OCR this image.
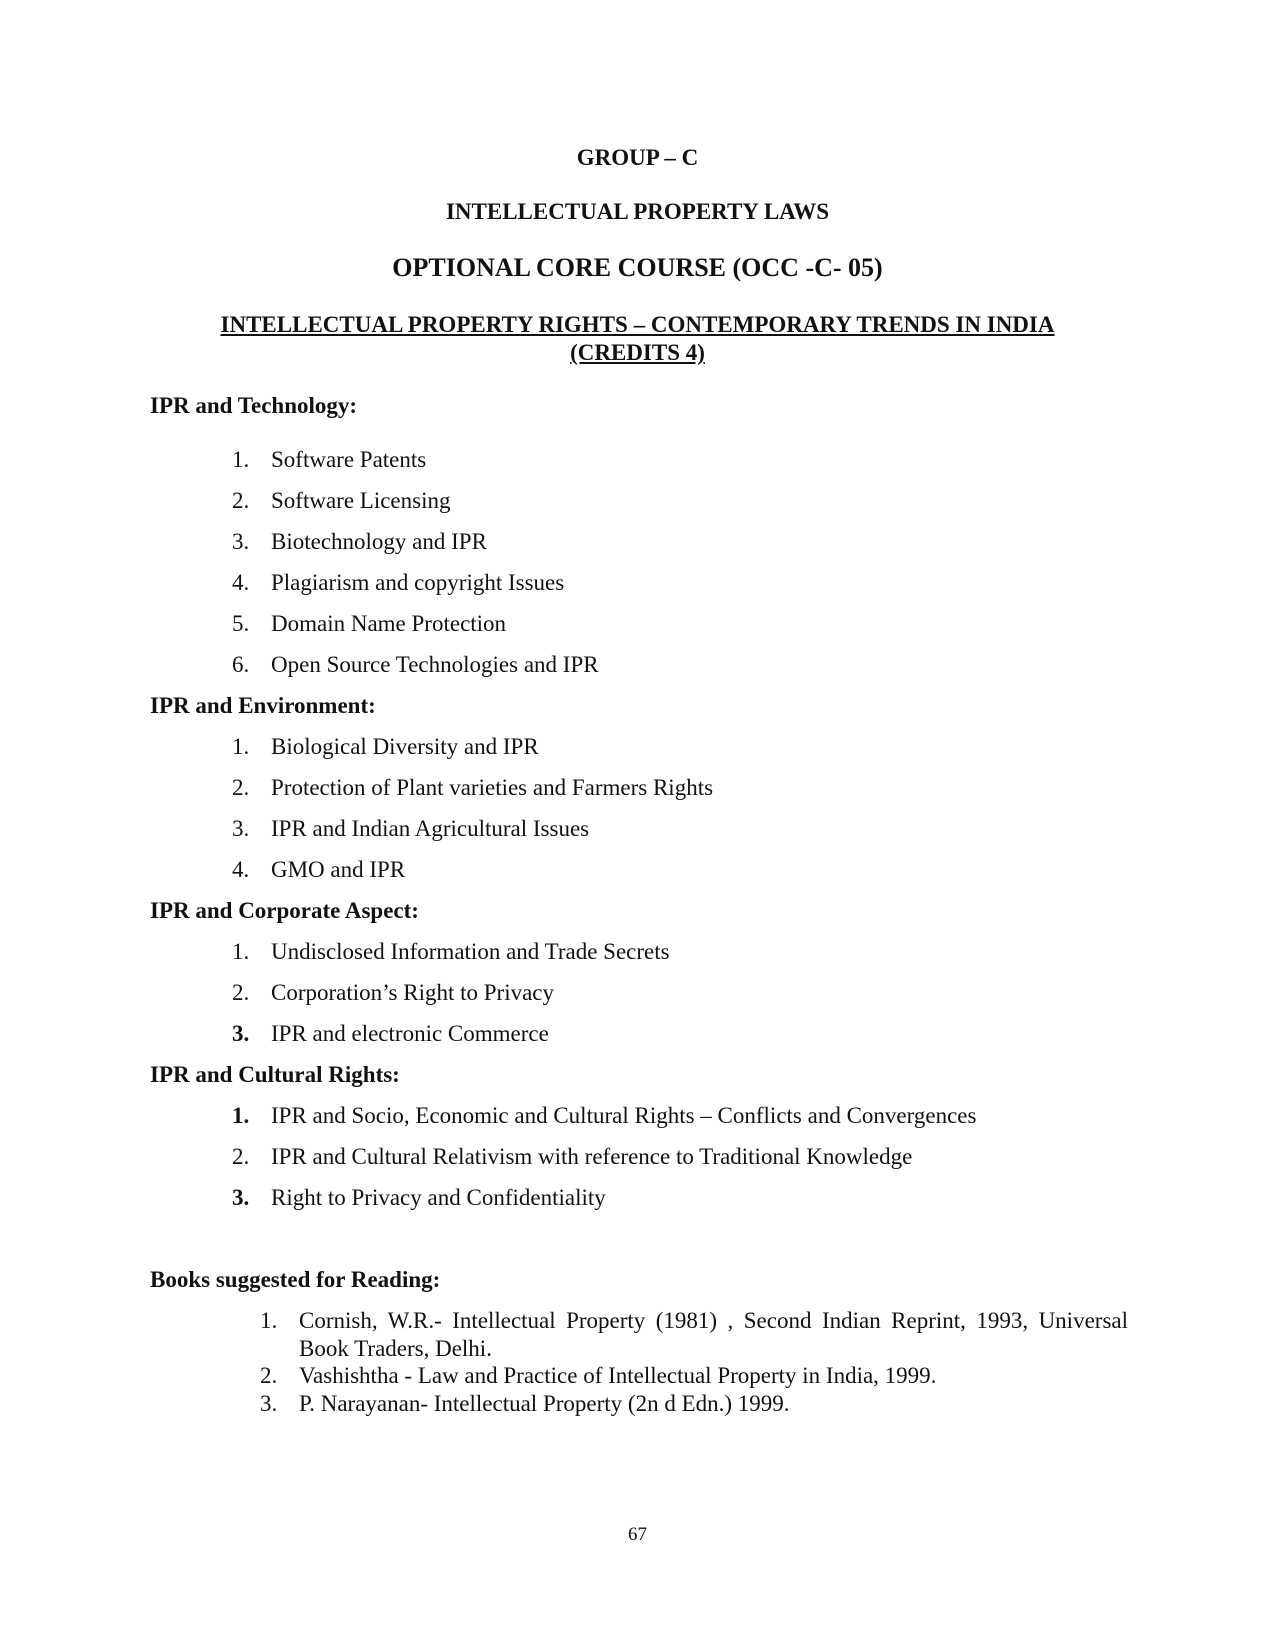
GROUP – C
INTELLECTUAL PROPERTY LAWS
OPTIONAL CORE COURSE (OCC -C- 05)
INTELLECTUAL PROPERTY RIGHTS – CONTEMPORARY TRENDS IN INDIA
(CREDITS 4)
IPR and Technology:
1. Software Patents
2. Software Licensing
3. Biotechnology and IPR
4. Plagiarism and copyright Issues
5. Domain Name Protection
6. Open Source Technologies and IPR
IPR and Environment:
1. Biological Diversity and IPR
2. Protection of Plant varieties and Farmers Rights
3. IPR and Indian Agricultural Issues
4. GMO and IPR
IPR and Corporate Aspect:
1. Undisclosed Information and Trade Secrets
2. Corporation’s Right to Privacy
3. IPR and electronic Commerce
IPR and Cultural Rights:
1. IPR and Socio, Economic and Cultural Rights – Conflicts and Convergences
2. IPR and Cultural Relativism with reference to Traditional Knowledge
3. Right to Privacy and Confidentiality
Books suggested for Reading:
1. Cornish, W.R.- Intellectual Property (1981) , Second Indian Reprint, 1993, Universal Book Traders, Delhi.
2. Vashishtha - Law and Practice of Intellectual Property in India, 1999.
3. P. Narayanan- Intellectual Property (2n d Edn.) 1999.
67
